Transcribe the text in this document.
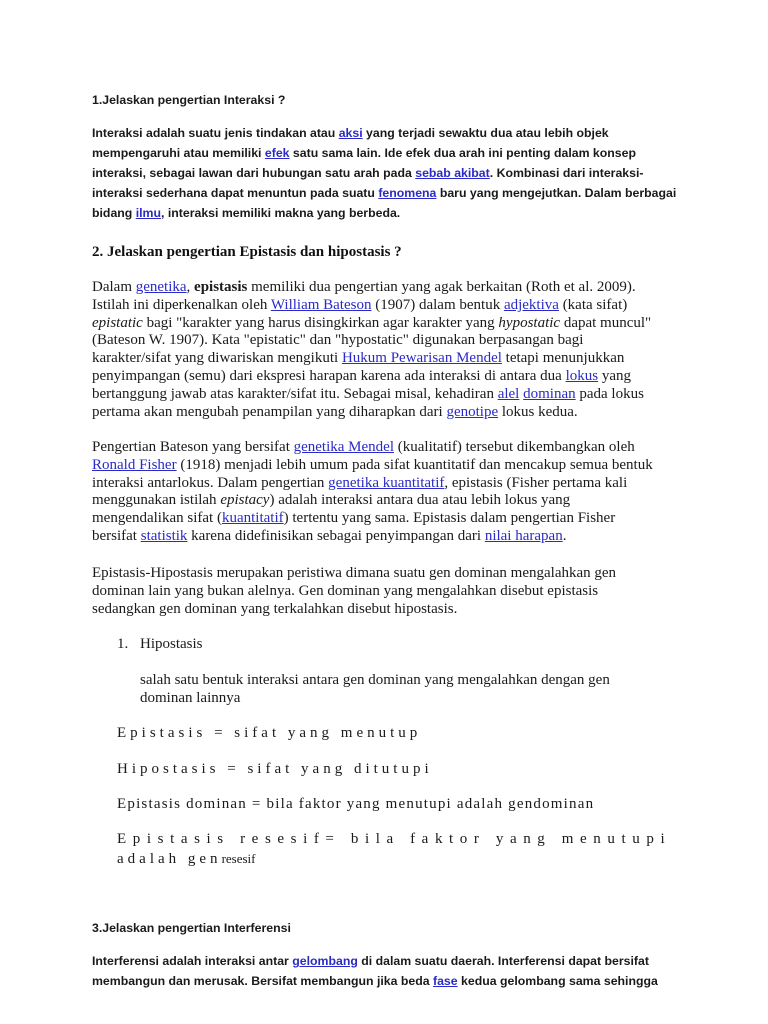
1.Jelaskan pengertian Interaksi ?
Interaksi adalah suatu jenis tindakan atau aksi yang terjadi sewaktu dua atau lebih objek
mempengaruhi atau memiliki efek satu sama lain. Ide efek dua arah ini penting dalam konsep
interaksi, sebagai lawan dari hubungan satu arah pada sebab akibat. Kombinasi dari interaksi-
interaksi sederhana dapat menuntun pada suatu fenomena baru yang mengejutkan. Dalam berbagai
bidang ilmu, interaksi memiliki makna yang berbeda.
2. Jelaskan pengertian Epistasis dan hipostasis ?
Dalam genetika, epistasis memiliki dua pengertian yang agak berkaitan (Roth et al. 2009).
Istilah ini diperkenalkan oleh William Bateson (1907) dalam bentuk adjektiva (kata sifat)
epistatic bagi "karakter yang harus disingkirkan agar karakter yang hypostatic dapat muncul"
(Bateson W. 1907). Kata "epistatic" dan "hypostatic" digunakan berpasangan bagi
karakter/sifat yang diwariskan mengikuti Hukum Pewarisan Mendel tetapi menunjukkan
penyimpangan (semu) dari ekspresi harapan karena ada interaksi di antara dua lokus yang
bertanggung jawab atas karakter/sifat itu. Sebagai misal, kehadiran alel dominan pada lokus
pertama akan mengubah penampilan yang diharapkan dari genotipe lokus kedua.
Pengertian Bateson yang bersifat genetika Mendel (kualitatif) tersebut dikembangkan oleh
Ronald Fisher (1918) menjadi lebih umum pada sifat kuantitatif dan mencakup semua bentuk
interaksi antarlokus. Dalam pengertian genetika kuantitatif, epistasis (Fisher pertama kali
menggunakan istilah epistacy) adalah interaksi antara dua atau lebih lokus yang
mengendalikan sifat (kuantitatif) tertentu yang sama. Epistasis dalam pengertian Fisher
bersifat statistik karena didefinisikan sebagai penyimpangan dari nilai harapan.
Epistasis-Hipostasis merupakan peristiwa dimana suatu gen dominan mengalahkan gen
dominan lain yang bukan alelnya. Gen dominan yang mengalahkan disebut epistasis
sedangkan gen dominan yang terkalahkan disebut hipostasis.
1. Hipostasis
salah satu bentuk interaksi antara gen dominan yang mengalahkan dengan gen
dominan lainnya
Epistasis = sifat yang menutup
Hipostasis = sifat yang ditutupi
Epistasis dominan = bila faktor yang menutupi adalah gendominan
Epistasis resesif= bila faktor yang menutupi
adalah genresesif
3.Jelaskan pengertian Interferensi
Interferensi adalah interaksi antar gelombang di dalam suatu daerah. Interferensi dapat bersifat
membangun dan merusak. Bersifat membangun jika beda fase kedua gelombang sama sehingga
